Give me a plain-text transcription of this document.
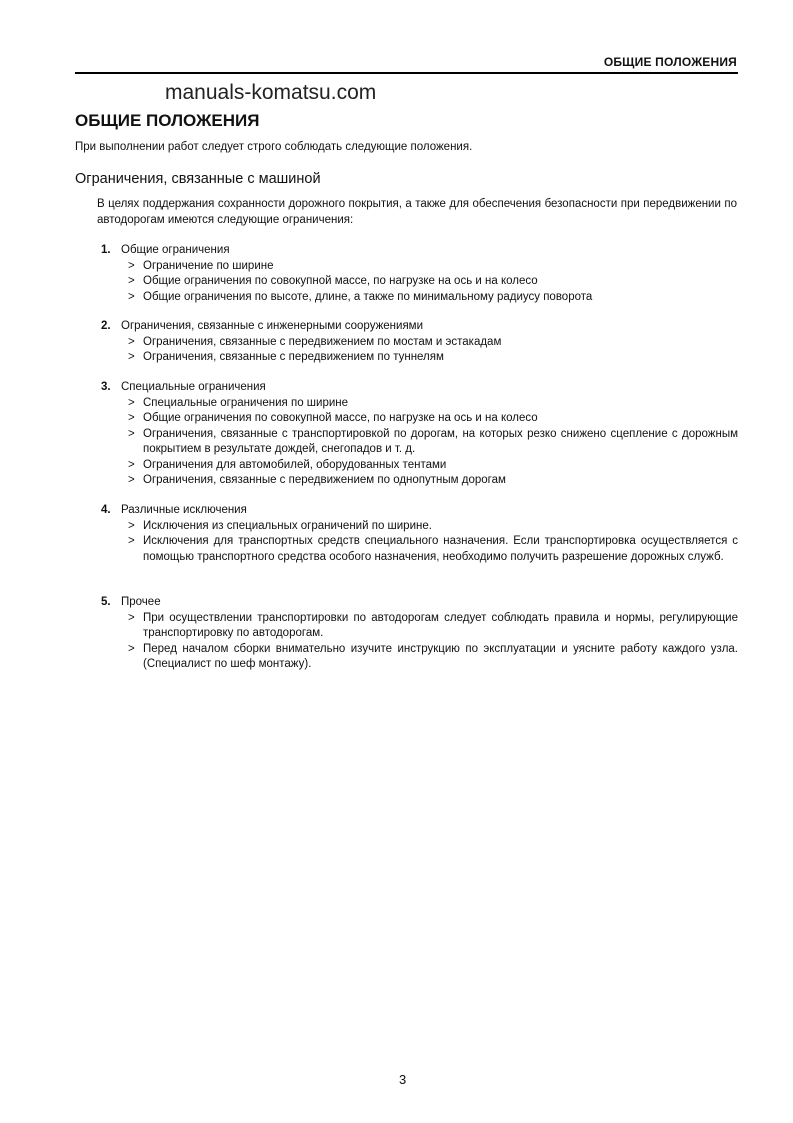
ОБЩИЕ ПОЛОЖЕНИЯ
manuals-komatsu.com
ОБЩИЕ ПОЛОЖЕНИЯ
При выполнении работ следует строго соблюдать следующие положения.
Ограничения, связанные с машиной
В целях поддержания сохранности дорожного покрытия, а также для обеспечения безопасности при передвижении по автодорогам имеются следующие ограничения:
1. Общие ограничения
> Ограничение по ширине
> Общие ограничения по совокупной массе, по нагрузке на ось и на колесо
> Общие ограничения по высоте, длине, а также по минимальному радиусу поворота
2. Ограничения, связанные с инженерными сооружениями
> Ограничения, связанные с передвижением по мостам и эстакадам
> Ограничения, связанные с передвижением по туннелям
3. Специальные ограничения
> Специальные ограничения по ширине
> Общие ограничения по совокупной массе, по нагрузке на ось и на колесо
> Ограничения, связанные с транспортировкой по дорогам, на которых резко снижено сцепление с дорожным покрытием в результате дождей, снегопадов и т. д.
> Ограничения для автомобилей, оборудованных тентами
> Ограничения, связанные с передвижением по однопутным дорогам
4. Различные исключения
> Исключения из специальных ограничений по ширине.
> Исключения для транспортных средств специального назначения. Если транспортировка осуществляется с помощью транспортного средства особого назначения, необходимо получить разрешение дорожных служб.
5. Прочее
> При осуществлении транспортировки по автодорогам следует соблюдать правила и нормы, регулирующие транспортировку по автодорогам.
> Перед началом сборки внимательно изучите инструкцию по эксплуатации и уясните работу каждого узла. (Специалист по шеф монтажу).
3
